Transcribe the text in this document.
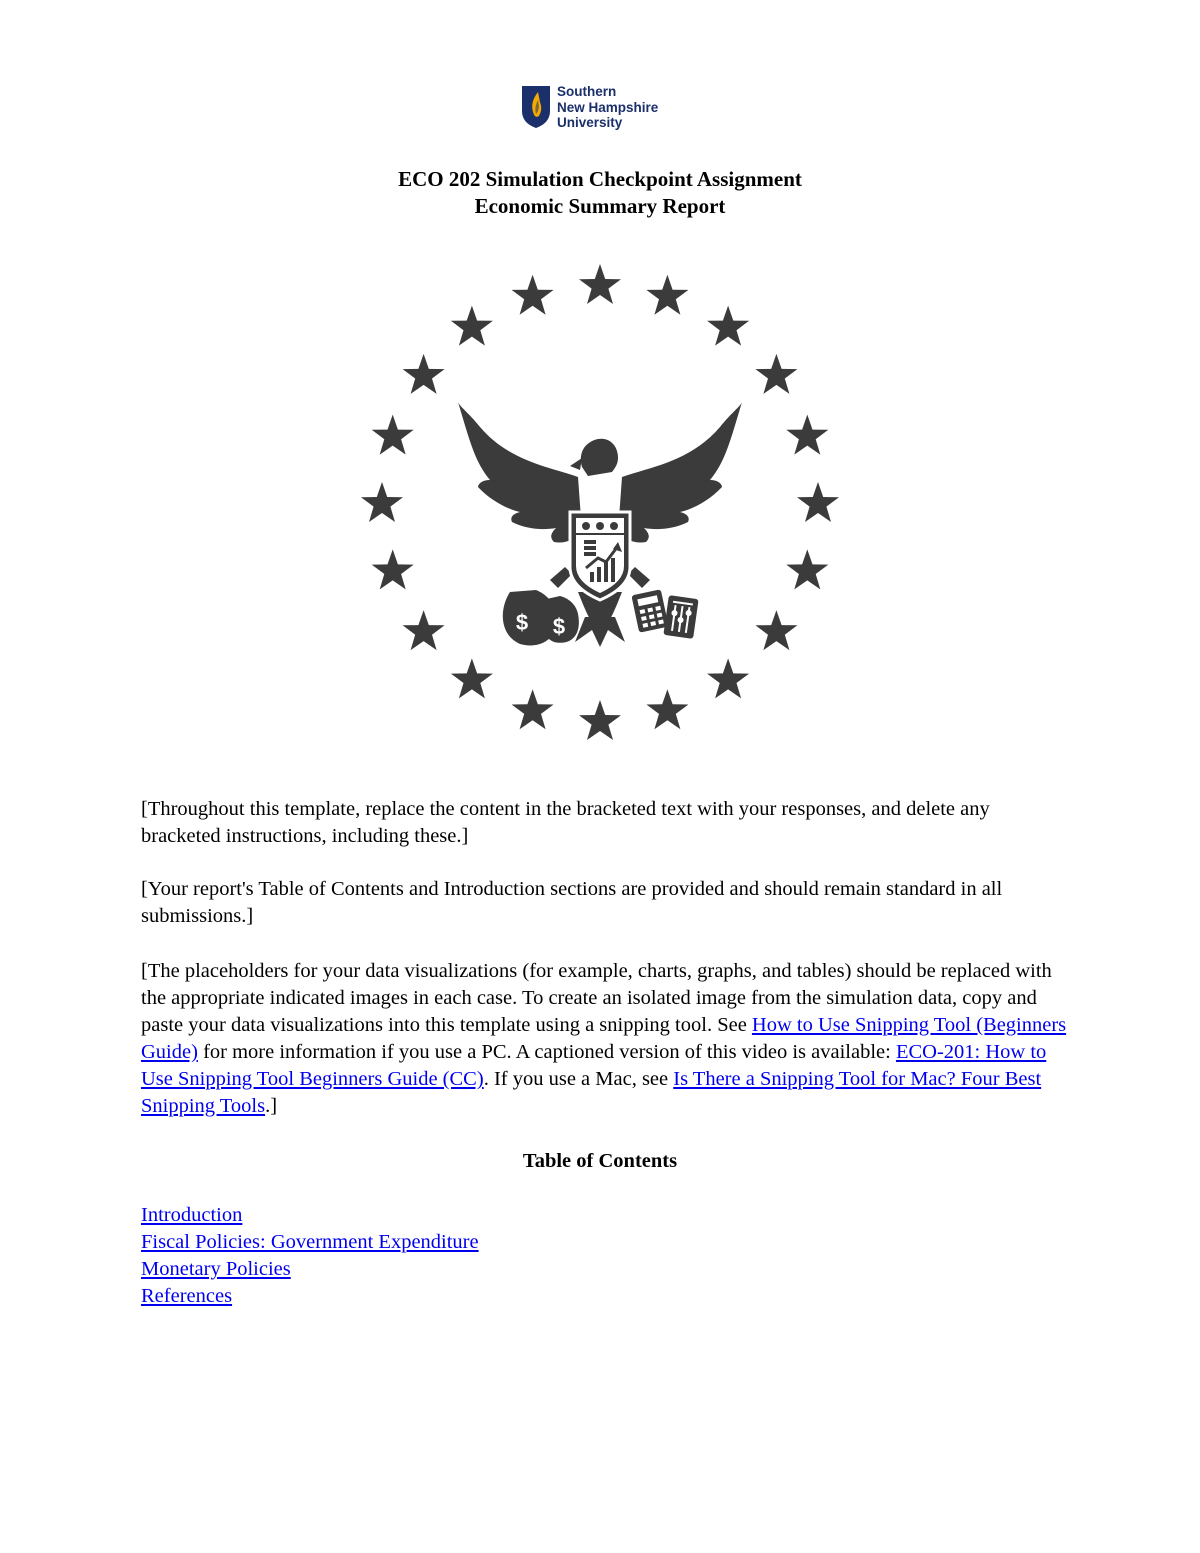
Southern
New Hampshire
University
ECO 202 Simulation Checkpoint Assignment
Economic Summary Report
$ $
[Throughout this template, replace the content in the bracketed text with your responses, and delete any bracketed instructions, including these.]
[Your report's Table of Contents and Introduction sections are provided and should remain standard in all submissions.]
[The placeholders for your data visualizations (for example, charts, graphs, and tables) should be replaced with the appropriate indicated images in each case. To create an isolated image from the simulation data, copy and paste your data visualizations into this template using a snipping tool. See How to Use Snipping Tool (Beginners Guide) for more information if you use a PC. A captioned version of this video is available: ECO-201: How to Use Snipping Tool Beginners Guide (CC). If you use a Mac, see Is There a Snipping Tool for Mac? Four Best Snipping Tools.]
Table of Contents
Introduction
Fiscal Policies: Government Expenditure
Monetary Policies
References
